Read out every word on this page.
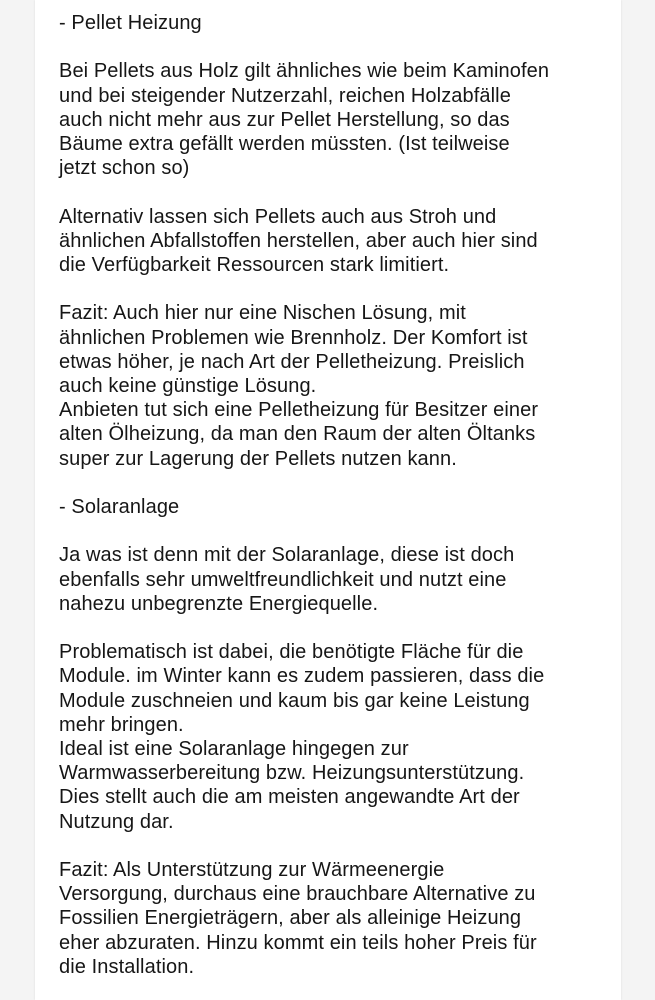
- Pellet Heizung

Bei Pellets aus Holz gilt ähnliches wie beim Kaminofen
und bei steigender Nutzerzahl, reichen Holzabfälle
auch nicht mehr aus zur Pellet Herstellung, so das
Bäume extra gefällt werden müssten. (Ist teilweise
jetzt schon so)

Alternativ lassen sich Pellets auch aus Stroh und
ähnlichen Abfallstoffen herstellen, aber auch hier sind
die Verfügbarkeit Ressourcen stark limitiert.

Fazit: Auch hier nur eine Nischen Lösung, mit
ähnlichen Problemen wie Brennholz. Der Komfort ist
etwas höher, je nach Art der Pelletheizung. Preislich
auch keine günstige Lösung.
Anbieten tut sich eine Pelletheizung für Besitzer einer
alten Ölheizung, da man den Raum der alten Öltanks
super zur Lagerung der Pellets nutzen kann.

- Solaranlage

Ja was ist denn mit der Solaranlage, diese ist doch
ebenfalls sehr umweltfreundlichkeit und nutzt eine
nahezu unbegrenzte Energiequelle.

Problematisch ist dabei, die benötigte Fläche für die
Module. im Winter kann es zudem passieren, dass die
Module zuschneien und kaum bis gar keine Leistung
mehr bringen.
Ideal ist eine Solaranlage hingegen zur
Warmwasserbereitung bzw. Heizungsunterstützung.
Dies stellt auch die am meisten angewandte Art der
Nutzung dar.

Fazit: Als Unterstützung zur Wärmeenergie
Versorgung, durchaus eine brauchbare Alternative zu
Fossilien Energieträgern, aber als alleinige Heizung
eher abzuraten. Hinzu kommt ein teils hoher Preis für
die Installation.
